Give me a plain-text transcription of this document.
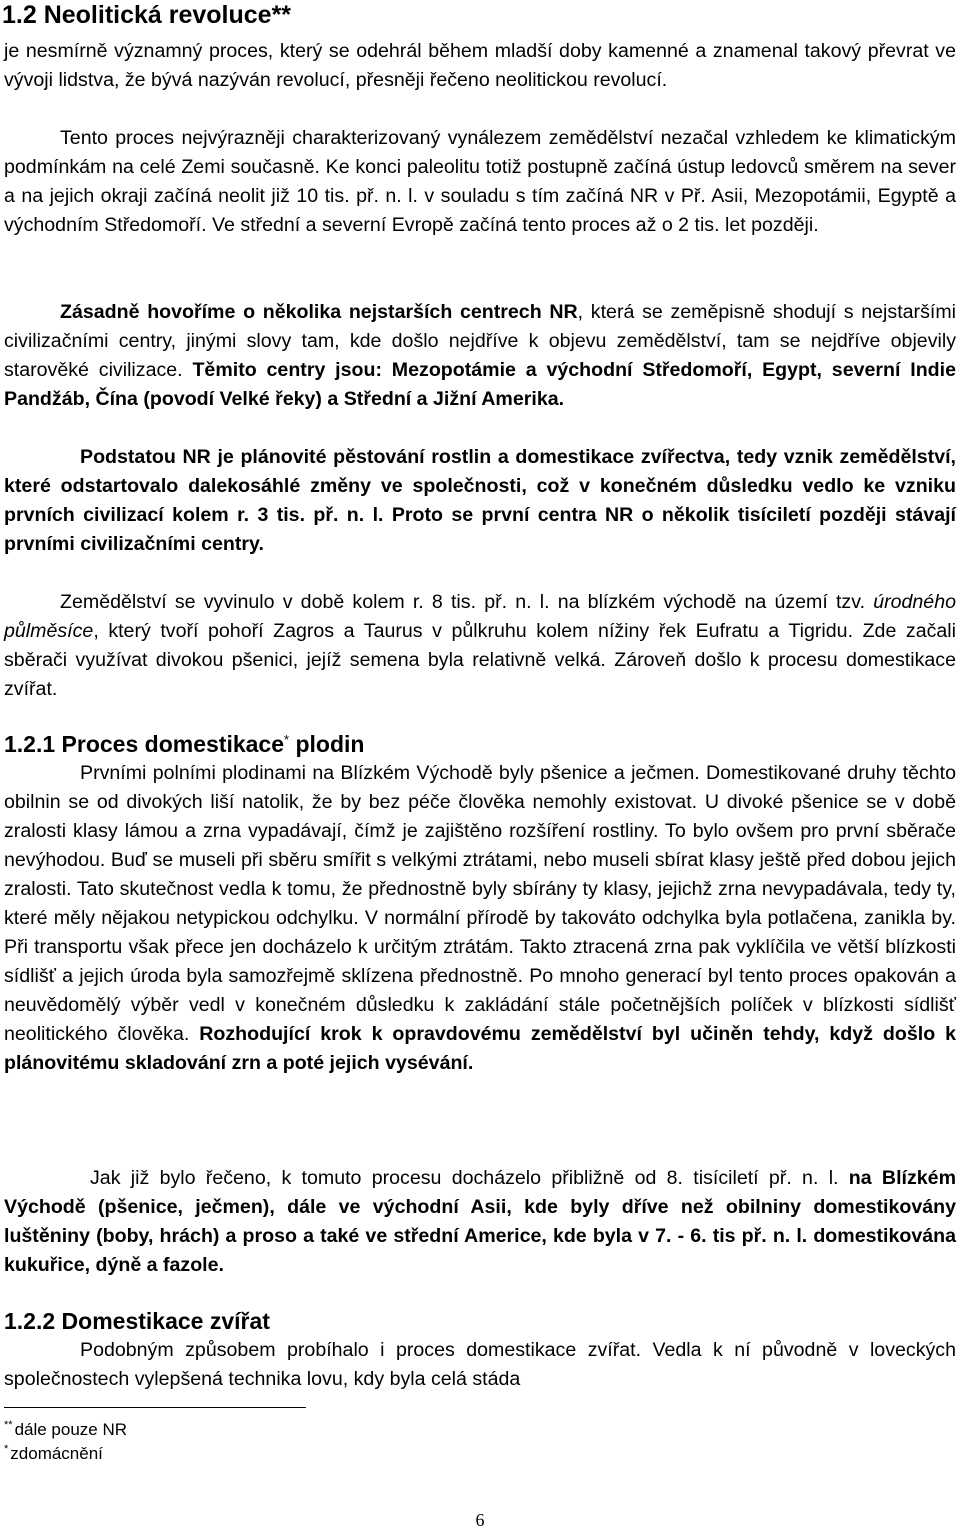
1.2 Neolitická revoluce**
je nesmírně významný proces, který se odehrál během mladší doby kamenné a znamenal takový převrat ve vývoji lidstva, že bývá nazýván revolucí, přesněji řečeno neolitickou revolucí.
Tento proces nejvýrazněji charakterizovaný vynálezem zemědělství nezačal vzhledem ke klimatickým podmínkám na celé Zemi současně. Ke konci paleolitu totiž postupně začíná ústup ledovců směrem na sever a na jejich okraji začíná neolit již 10 tis. př. n. l. v souladu s tím začíná NR v Př. Asii, Mezopotámii, Egyptě a východním Středomoří. Ve střední a severní Evropě začíná tento proces až o 2 tis. let později.
Zásadně hovoříme o několika nejstarších centrech NR, která se zeměpisně shodují s nejstaršími civilizačními centry, jinými slovy tam, kde došlo nejdříve k objevu zemědělství, tam se nejdříve objevily starověké civilizace. Těmito centry jsou: Mezopotámie a východní Středomoří, Egypt, severní Indie Pandžáb, Čína (povodí Velké řeky) a Střední a Jižní Amerika.
Podstatou NR je plánovité pěstování rostlin a domestikace zvířectva, tedy vznik zemědělství, které odstartovalo dalekosáhlé změny ve společnosti, což v konečném důsledku vedlo ke vzniku prvních civilizací kolem r. 3 tis. př. n. l. Proto se první centra NR o několik tisíciletí později stávají prvními civilizačními centry.
Zemědělství se vyvinulo v době kolem r. 8 tis. př. n. l. na blízkém východě na území tzv. úrodného půlměsíce, který tvoří pohoří Zagros a Taurus v půlkruhu kolem nížiny řek Eufratu a Tigridu. Zde začali sběrači využívat divokou pšenici, jejíž semena byla relativně velká. Zároveň došlo k procesu domestikace zvířat.
1.2.1 Proces domestikace* plodin
Prvními polními plodinami na Blízkém Východě byly pšenice a ječmen. Domestikované druhy těchto obilnin se od divokých liší natolik, že by bez péče člověka nemohly existovat. U divoké pšenice se v době zralosti klasy lámou a zrna vypadávají, čímž je zajištěno rozšíření rostliny. To bylo ovšem pro první sběrače nevýhodou. Buď se museli při sběru smířit s velkými ztrátami, nebo museli sbírat klasy ještě před dobou jejich zralosti. Tato skutečnost vedla k tomu, že přednostně byly sbírány ty klasy, jejichž zrna nevypadávala, tedy ty, které měly nějakou netypickou odchylku. V normální přírodě by takováto odchylka byla potlačena, zanikla by. Při transportu však přece jen docházelo k určitým ztrátám. Takto ztracená zrna pak vyklíčila ve větší blízkosti sídlišť a jejich úroda byla samozřejmě sklízena přednostně. Po mnoho generací byl tento proces opakován a neuvědomělý výběr vedl v konečném důsledku k zakládání stále početnějších políček v blízkosti sídlišť neolitického člověka. Rozhodující krok k opravdovému zemědělství byl učiněn tehdy, když došlo k plánovitému skladování zrn a poté jejich vysévání.
Jak již bylo řečeno, k tomuto procesu docházelo přibližně od 8. tisíciletí př. n. l. na Blízkém Východě (pšenice, ječmen), dále ve východní Asii, kde byly dříve než obilniny domestikovány luštěniny (boby, hrách) a proso a také ve střední Americe, kde byla v 7. - 6. tis př. n. l. domestikována kukuřice, dýně a fazole.
1.2.2 Domestikace zvířat
Podobným způsobem probíhalo i proces domestikace zvířat. Vedla k ní původně v loveckých společnostech vylepšená technika lovu, kdy byla celá stáda
** dále pouze NR
* zdomácnění
6
